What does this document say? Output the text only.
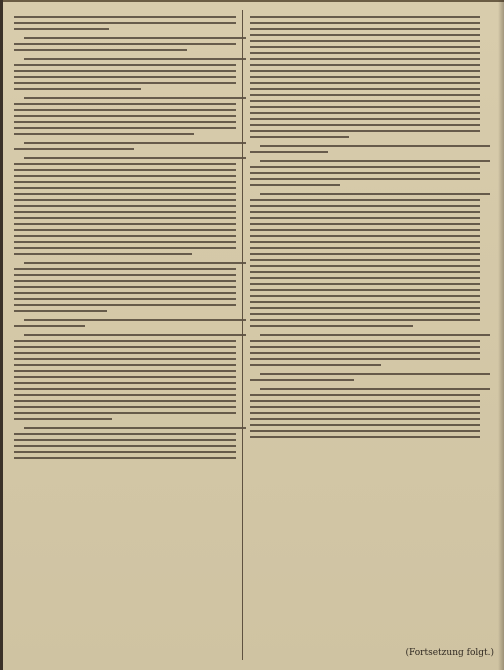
(Fortsetzung folgt.)
